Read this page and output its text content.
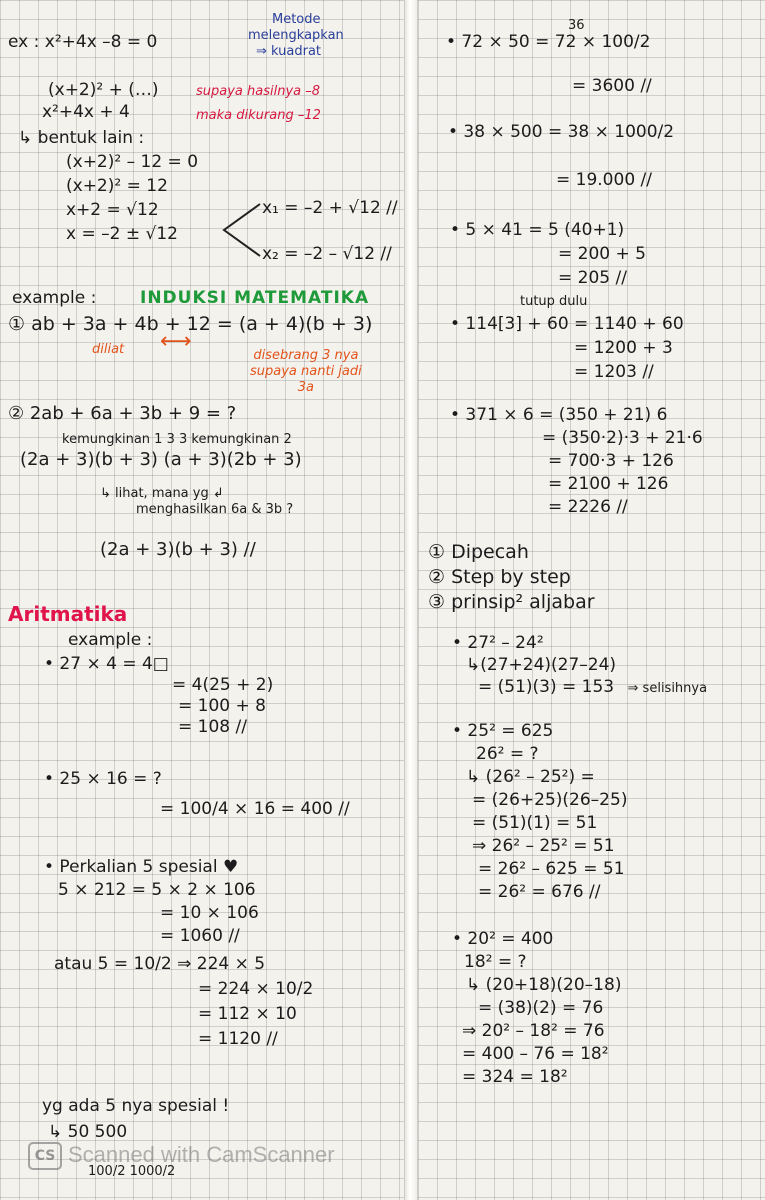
ex : x²+4x –8 = 0
Metode
melengkapkan
⇒ kuadrat
(x+2)² + (…)	supaya hasilnya –8
x²+4x + 4	maka dikurang –12
↳ bentuk lain :
(x+2)² – 12 = 0
(x+2)² = 12
x+2 = √12
x = –2 ± √12
x₁ = –2 + √12 //
x₂ = –2 – √12 //
example :	INDUKSI MATEMATIKA
① ab + 3a + 4b + 12 = (a + 4)(b + 3)
diliat ⟷
disebrang 3 nya
supaya nanti jadi
3a
② 2ab + 6a + 3b + 9 = ?
kemungkinan 1 3 3 kemungkinan 2
(2a + 3)(b + 3) (a + 3)(2b + 3)
↳ lihat, mana yg ↲
menghasilkan 6a & 3b ?
(2a + 3)(b + 3) //
Aritmatika
example :
• 27 × 4 = 4□
= 4(25 + 2)
= 100 + 8
= 108 //
• 25 × 16 = ?
= 100/4 × 16 = 400 //
• Perkalian 5 spesial ♥
5 × 212 = 5 × 2 × 106
= 10 × 106
= 1060 //
atau 5 = 10/2 ⇒ 224 × 5
= 224 × 10/2
= 112 × 10
= 1120 //
yg ada 5 nya spesial !
↳ 50 500
100/2 1000/2
CS Scanned with CamScanner
36
• 72 × 50 = 72 × 100/2
= 3600 //
• 38 × 500 = 38 × 1000/2
= 19.000 //
• 5 × 41 = 5 (40+1)
= 200 + 5
= 205 //
tutup dulu
• 114[3] + 60 = 1140 + 60
= 1200 + 3
= 1203 //
• 371 × 6 = (350 + 21) 6
= (350·2)·3 + 21·6
= 700·3 + 126
= 2100 + 126
= 2226 //
① Dipecah
② Step by step
③ prinsip² aljabar
• 27² – 24²
↳(27+24)(27–24)
= (51)(3) = 153 ⇒ selisihnya
• 25² = 625
26² = ?
↳ (26² – 25²) =
= (26+25)(26–25)
= (51)(1) = 51
⇒ 26² – 25² = 51
= 26² – 625 = 51
= 26² = 676 //
• 20² = 400
18² = ?
↳ (20+18)(20–18)
= (38)(2) = 76
⇒ 20² – 18² = 76
= 400 – 76 = 18²
= 324 = 18²
